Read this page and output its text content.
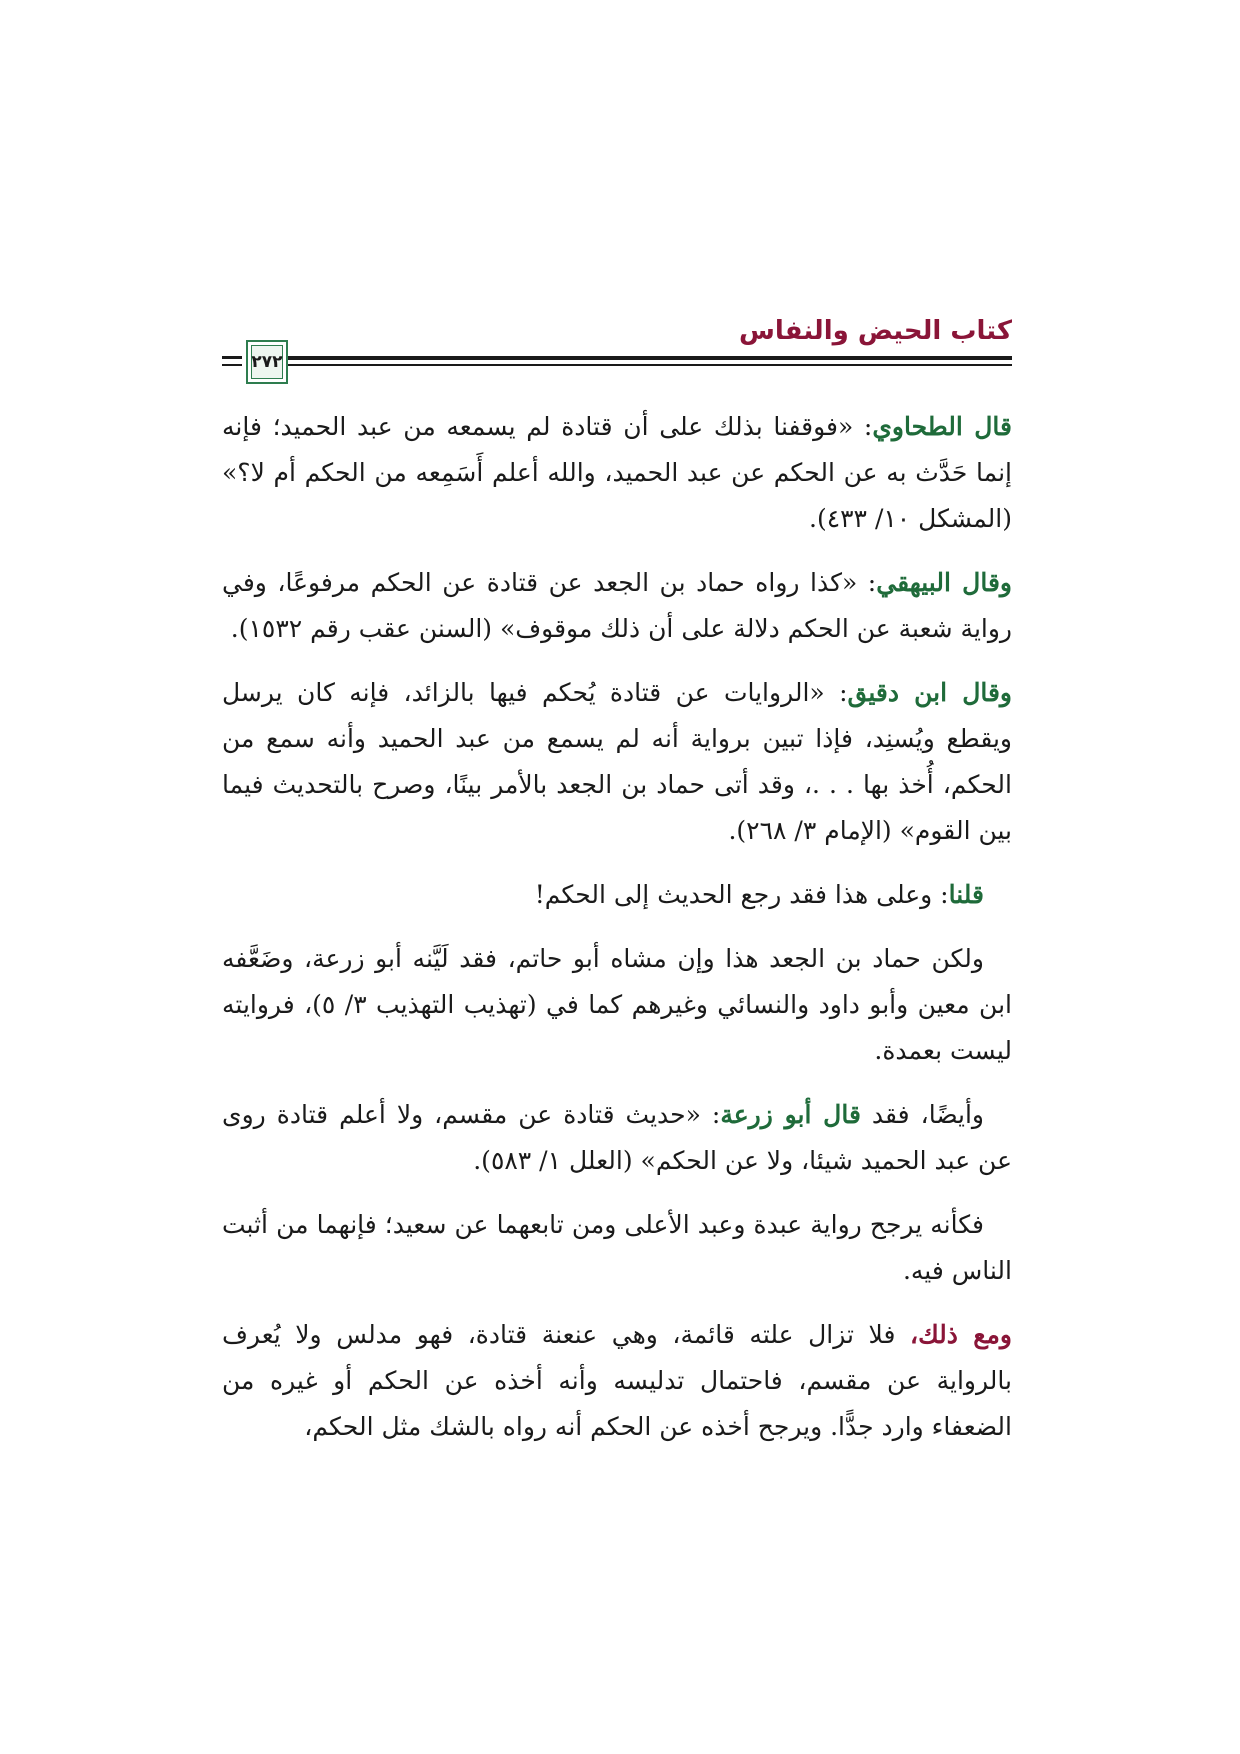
كتاب الحيض والنفاس
٢٧٢

قال الطحاوي: «فوقفنا بذلك على أن قتادة لم يسمعه من عبد الحميد؛ فإنه إنما حَدَّث به عن الحكم عن عبد الحميد، والله أعلم أَسَمِعه من الحكم أم لا؟» (المشكل ١٠/ ٤٣٣).

وقال البيهقي: «كذا رواه حماد بن الجعد عن قتادة عن الحكم مرفوعًا، وفي رواية شعبة عن الحكم دلالة على أن ذلك موقوف» (السنن عقب رقم ١٥٣٢).

وقال ابن دقيق: «الروايات عن قتادة يُحكم فيها بالزائد، فإنه كان يرسل ويقطع ويُسنِد، فإذا تبين برواية أنه لم يسمع من عبد الحميد وأنه سمع من الحكم، أُخذ بها . . .، وقد أتى حماد بن الجعد بالأمر بينًا، وصرح بالتحديث فيما بين القوم» (الإمام ٣/ ٢٦٨).

قلنا: وعلى هذا فقد رجع الحديث إلى الحكم!

ولكن حماد بن الجعد هذا وإن مشاه أبو حاتم، فقد لَيَّنه أبو زرعة، وضَعَّفه ابن معين وأبو داود والنسائي وغيرهم كما في (تهذيب التهذيب ٣/ ٥)، فروايته ليست بعمدة.

وأيضًا، فقد قال أبو زرعة: «حديث قتادة عن مقسم، ولا أعلم قتادة روى عن عبد الحميد شيئا، ولا عن الحكم» (العلل ١/ ٥٨٣).

فكأنه يرجح رواية عبدة وعبد الأعلى ومن تابعهما عن سعيد؛ فإنهما من أثبت الناس فيه.

ومع ذلك، فلا تزال علته قائمة، وهي عنعنة قتادة، فهو مدلس ولا يُعرف بالرواية عن مقسم، فاحتمال تدليسه وأنه أخذه عن الحكم أو غيره من الضعفاء وارد جدًّا. ويرجح أخذه عن الحكم أنه رواه بالشك مثل الحكم،
